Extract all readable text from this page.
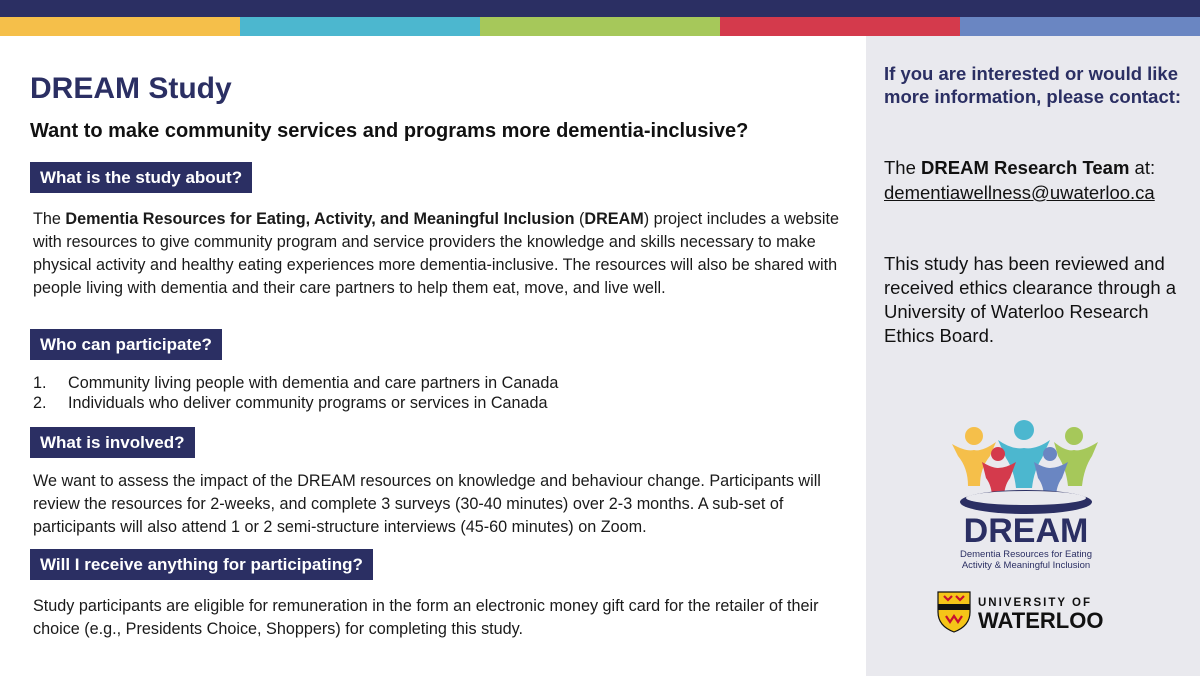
DREAM Study

Want to make community services and programs more dementia-inclusive?

What is the study about?

The Dementia Resources for Eating, Activity, and Meaningful Inclusion (DREAM) project includes a website with resources to give community program and service providers the knowledge and skills necessary to make physical activity and healthy eating experiences more dementia-inclusive. The resources will also be shared with people living with dementia and their care partners to help them eat, move, and live well.

Who can participate?
1.	Community living people with dementia and care partners in Canada
2.	Individuals who deliver community programs or services in Canada
What is involved?

We want to assess the impact of the DREAM resources on knowledge and behaviour change. Participants will review the resources for 2-weeks, and complete 3 surveys (30-40 minutes) over 2-3 months. A sub-set of participants will also attend 1 or 2 semi-structure interviews (45-60 minutes) on Zoom.

Will I receive anything for participating?

Study participants are eligible for remuneration in the form an electronic money gift card for the retailer of their choice (e.g., Presidents Choice, Shoppers) for completing this study.

If you are interested or would like more information, please contact:

The DREAM Research Team at:

dementiawellness@uwaterloo.ca

This study has been reviewed and received ethics clearance through a University of Waterloo Research Ethics Board.

DREAM
Dementia Resources for Eating
Activity & Meaningful Inclusion
UNIVERSITY OF
WATERLOO
